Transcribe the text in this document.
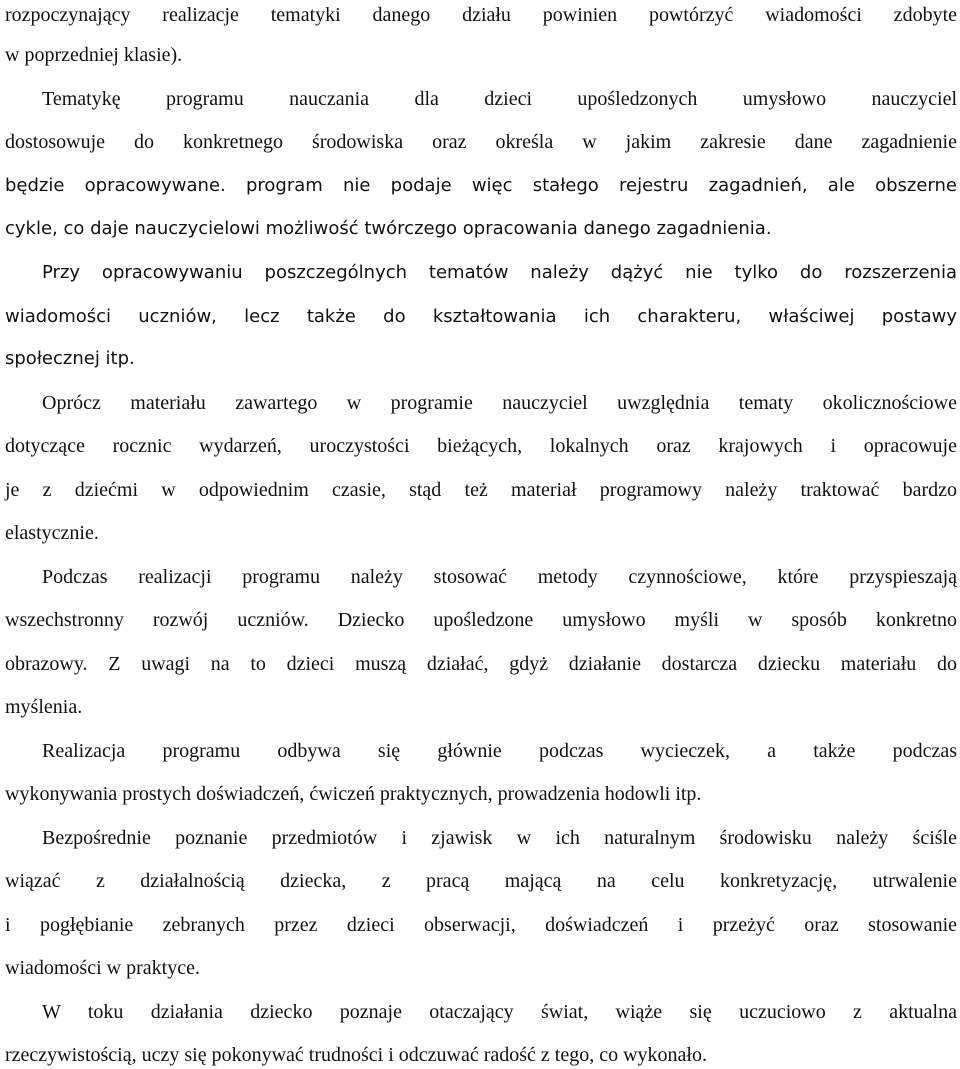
rozpoczynający realizacje tematyki danego działu powinien powtórzyć wiadomości zdobyte
w poprzedniej klasie).
Tematykę programu nauczania dla dzieci upośledzonych umysłowo nauczyciel
dostosowuje do konkretnego środowiska oraz określa w jakim zakresie dane zagadnienie
będzie opracowywane. program nie podaje więc stałego rejestru zagadnień, ale obszerne
cykle, co daje nauczycielowi możliwość twórczego opracowania danego zagadnienia.
Przy opracowywaniu poszczególnych tematów należy dążyć nie tylko do rozszerzenia
wiadomości uczniów, lecz także do kształtowania ich charakteru, właściwej postawy
społecznej itp.
Oprócz materiału zawartego w programie nauczyciel uwzględnia tematy okolicznościowe
dotyczące rocznic wydarzeń, uroczystości bieżących, lokalnych oraz krajowych i opracowuje
je z dziećmi w odpowiednim czasie, stąd też materiał programowy należy traktować bardzo
elastycznie.
Podczas realizacji programu należy stosować metody czynnościowe, które przyspieszają
wszechstronny rozwój uczniów. Dziecko upośledzone umysłowo myśli w sposób konkretno
obrazowy. Z uwagi na to dzieci muszą działać, gdyż działanie dostarcza dziecku materiału do
myślenia.
Realizacja programu odbywa się głównie podczas wycieczek, a także podczas
wykonywania prostych doświadczeń, ćwiczeń praktycznych, prowadzenia hodowli itp.
Bezpośrednie poznanie przedmiotów i zjawisk w ich naturalnym środowisku należy ściśle
wiązać z działalnością dziecka, z pracą mającą na celu konkretyzację, utrwalenie
i pogłębianie zebranych przez dzieci obserwacji, doświadczeń i przeżyć oraz stosowanie
wiadomości w praktyce.
W toku działania dziecko poznaje otaczający świat, wiąże się uczuciowo z aktualna
rzeczywistością, uczy się pokonywać trudności i odczuwać radość z tego, co wykonało.
